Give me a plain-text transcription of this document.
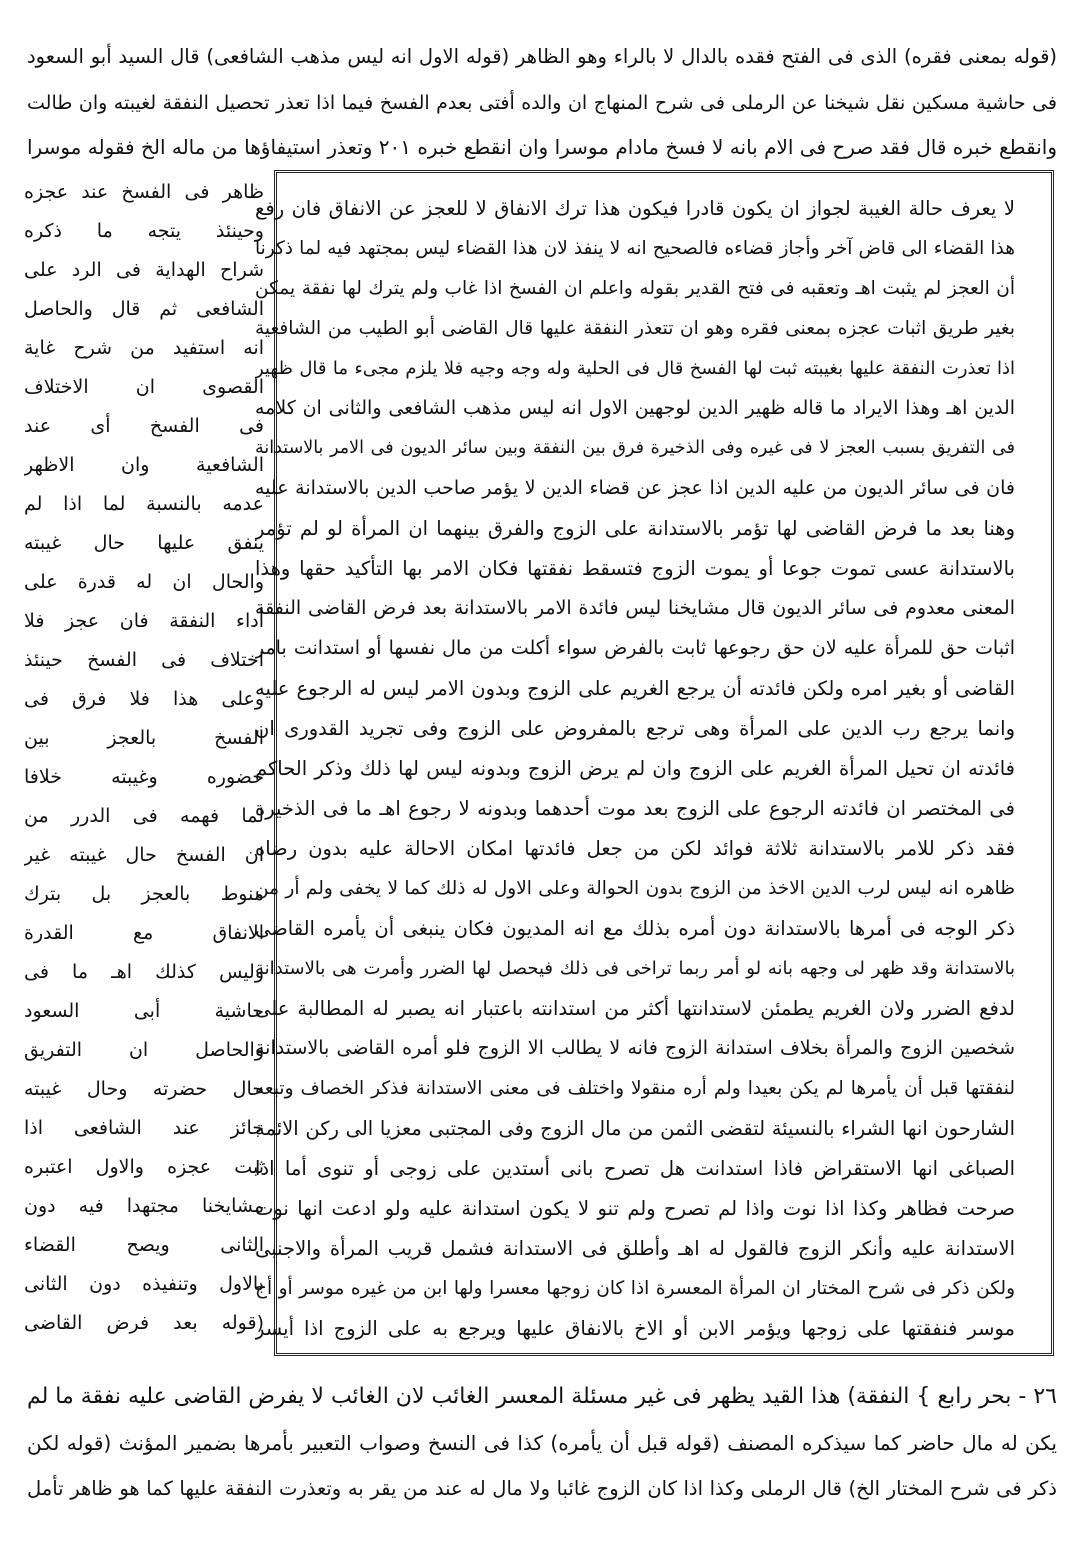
(قوله بمعنى فقره) الذى فى الفتح فقده بالدال لا بالراء وهو الظاهر (قوله الاول انه ليس مذهب الشافعى) قال السيد أبو السعود
فى حاشية مسكين نقل شيخنا عن الرملى فى شرح المنهاج ان والده أفتى بعدم الفسخ فيما اذا تعذر تحصيل النفقة لغيبته وان طالت
وانقطع خبره قال فقد صرح فى الام بانه لا فسخ مادام موسرا وان انقطع خبره ۲۰۱ وتعذر استيفاؤها من ماله الخ فقوله موسرا
لا يعرف حالة الغيبة لجواز ان يكون قادرا فيكون هذا ترك الانفاق لا للعجز عن الانفاق فان رفع
هذا القضاء الى قاض آخر وأجاز قضاءه فالصحيح انه لا ينفذ لان هذا القضاء ليس بمجتهد فيه لما ذكرنا
أن العجز لم يثبت اهـ وتعقبه فى فتح القدير بقوله واعلم ان الفسخ اذا غاب ولم يترك لها نفقة يمكن
بغير طريق اثبات عجزه بمعنى فقره وهو ان تتعذر النفقة عليها قال القاضى أبو الطيب من الشافعية
اذا تعذرت النفقة عليها بغيبته ثبت لها الفسخ قال فى الحلية وله وجه وجيه فلا يلزم مجىء ما قال ظهير
الدين اهـ وهذا الايراد ما قاله ظهير الدين لوجهين الاول انه ليس مذهب الشافعى والثانى ان كلامه
فى التفريق بسبب العجز لا فى غيره وفى الذخيرة فرق بين النفقة وبين سائر الديون فى الامر بالاستدانة
فان فى سائر الديون من عليه الدين اذا عجز عن قضاء الدين لا يؤمر صاحب الدين بالاستدانة عليه
وهنا بعد ما فرض القاضى لها تؤمر بالاستدانة على الزوج والفرق بينهما ان المرأة لو لم تؤمر
بالاستدانة عسى تموت جوعا أو يموت الزوج فتسقط نفقتها فكان الامر بها التأكيد حقها وهذا
المعنى معدوم فى سائر الديون قال مشايخنا ليس فائدة الامر بالاستدانة بعد فرض القاضى النفقة
اثبات حق للمرأة عليه لان حق رجوعها ثابت بالفرض سواء أكلت من مال نفسها أو استدانت بامر
القاضى أو بغير امره ولكن فائدته أن يرجع الغريم على الزوج وبدون الامر ليس له الرجوع عليه
وانما يرجع رب الدين على المرأة وهى ترجع بالمفروض على الزوج وفى تجريد القدورى ان
فائدته ان تحيل المرأة الغريم على الزوج وان لم يرض الزوج وبدونه ليس لها ذلك وذكر الحاكم
فى المختصر ان فائدته الرجوع على الزوج بعد موت أحدهما وبدونه لا رجوع اهـ ما فى الذخيرة
فقد ذكر للامر بالاستدانة ثلاثة فوائد لكن من جعل فائدتها امكان الاحالة عليه بدون رضاه
ظاهره انه ليس لرب الدين الاخذ من الزوج بدون الحوالة وعلى الاول له ذلك كما لا يخفى ولم أر من
ذكر الوجه فى أمرها بالاستدانة دون أمره بذلك مع انه المديون فكان ينبغى أن يأمره القاضى
بالاستدانة وقد ظهر لى وجهه بانه لو أمر ربما تراخى فى ذلك فيحصل لها الضرر وأمرت هى بالاستدانة
لدفع الضرر ولان الغريم يطمئن لاستدانتها أكثر من استدانته باعتبار انه يصبر له المطالبة على
شخصين الزوج والمرأة بخلاف استدانة الزوج فانه لا يطالب الا الزوج فلو أمره القاضى بالاستدانة
لنفقتها قبل أن يأمرها لم يكن بعيدا ولم أره منقولا واختلف فى معنى الاستدانة فذكر الخصاف وتبعه
الشارحون انها الشراء بالنسيئة لتقضى الثمن من مال الزوج وفى المجتبى معزيا الى ركن الائمة
الصباغى انها الاستقراض فاذا استدانت هل تصرح بانى أستدين على زوجى أو تنوى أما اذا
صرحت فظاهر وكذا اذا نوت واذا لم تصرح ولم تنو لا يكون استدانة عليه ولو ادعت انها نوت
الاستدانة عليه وأنكر الزوج فالقول له اهـ وأطلق فى الاستدانة فشمل قريب المرأة والاجنبى
ولكن ذكر فى شرح المختار ان المرأة المعسرة اذا كان زوجها معسرا ولها ابن من غيره موسر أو أخ
موسر فنفقتها على زوجها ويؤمر الابن أو الاخ بالانفاق عليها ويرجع به على الزوج اذا أيسر
ظاهر فى الفسخ عند عجزه
وحينئذ يتجه ما ذكره
شراح الهداية فى الرد على
الشافعى ثم قال والحاصل
انه استفيد من شرح غاية
القصوى ان الاختلاف
فى الفسخ أى عند
الشافعية وان الاظهر
عدمه بالنسبة لما اذا لم
ينفق عليها حال غيبته
والحال ان له قدرة على
أداء النفقة فان عجز فلا
اختلاف فى الفسخ حينئذ
وعلى هذا فلا فرق فى
الفسخ بالعجز بين
حضوره وغيبته خلافا
لما فهمه فى الدرر من
ان الفسخ حال غيبته غير
منوط بالعجز بل بترك
الانفاق مع القدرة
وليس كذلك اهـ ما فى
حاشية أبى السعود
والحاصل ان التفريق
حال حضرته وحال غيبته
جائز عند الشافعى اذا
ثبت عجزه والاول اعتبره
مشايخنا مجتهدا فيه دون
الثانى ويصح القضاء
بالاول وتنفيذه دون الثانى
(قوله بعد فرض القاضى
٢٦ - بحر رابع } النفقة) هذا القيد يظهر فى غير مسئلة المعسر الغائب لان الغائب لا يفرض القاضى عليه نفقة ما لم
يكن له مال حاضر كما سيذكره المصنف (قوله قبل أن يأمره) كذا فى النسخ وصواب التعبير بأمرها بضمير المؤنث (قوله لكن
ذكر فى شرح المختار الخ) قال الرملى وكذا اذا كان الزوج غائبا ولا مال له عند من يقر به وتعذرت النفقة عليها كما هو ظاهر تأمل
